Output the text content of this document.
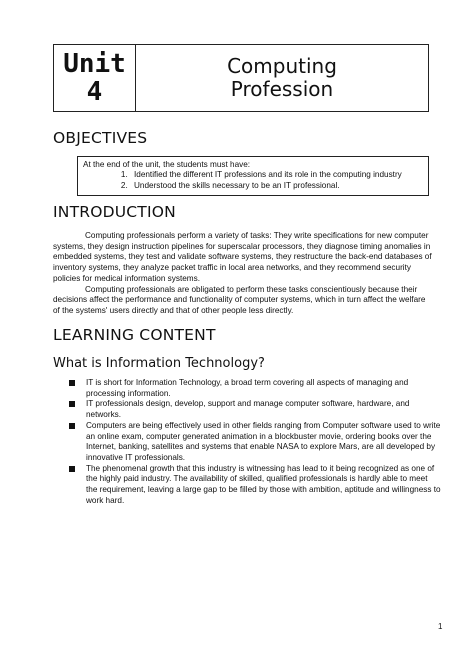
Unit
4
Computing
Profession
OBJECTIVES
At the end of the unit, the students must have:
1. Identified the different IT professions and its role in the computing industry
2. Understood the skills necessary to be an IT professional.
INTRODUCTION

Computing professionals perform a variety of tasks: They write specifications for new computer systems, they design instruction pipelines for superscalar processors, they diagnose timing anomalies in embedded systems, they test and validate software systems, they restructure the back-end databases of inventory systems, they analyze packet traffic in local area networks, and they recommend security policies for medical information systems.

Computing professionals are obligated to perform these tasks conscientiously because their decisions affect the performance and functionality of computer systems, which in turn affect the welfare of the systems' users directly and that of other people less directly.

LEARNING CONTENT
What is Information Technology?
IT is short for Information Technology, a broad term covering all aspects of managing and processing information.
IT professionals design, develop, support and manage computer software, hardware, and networks.
Computers are being effectively used in other fields ranging from Computer software used to write an online exam, computer generated animation in a blockbuster movie, ordering books over the Internet, banking, satellites and systems that enable NASA to explore Mars, are all developed by innovative IT professionals.
The phenomenal growth that this industry is witnessing has lead to it being recognized as one of the highly paid industry. The availability of skilled, qualified professionals is hardly able to meet the requirement, leaving a large gap to be filled by those with ambition, aptitude and willingness to work hard.
1
